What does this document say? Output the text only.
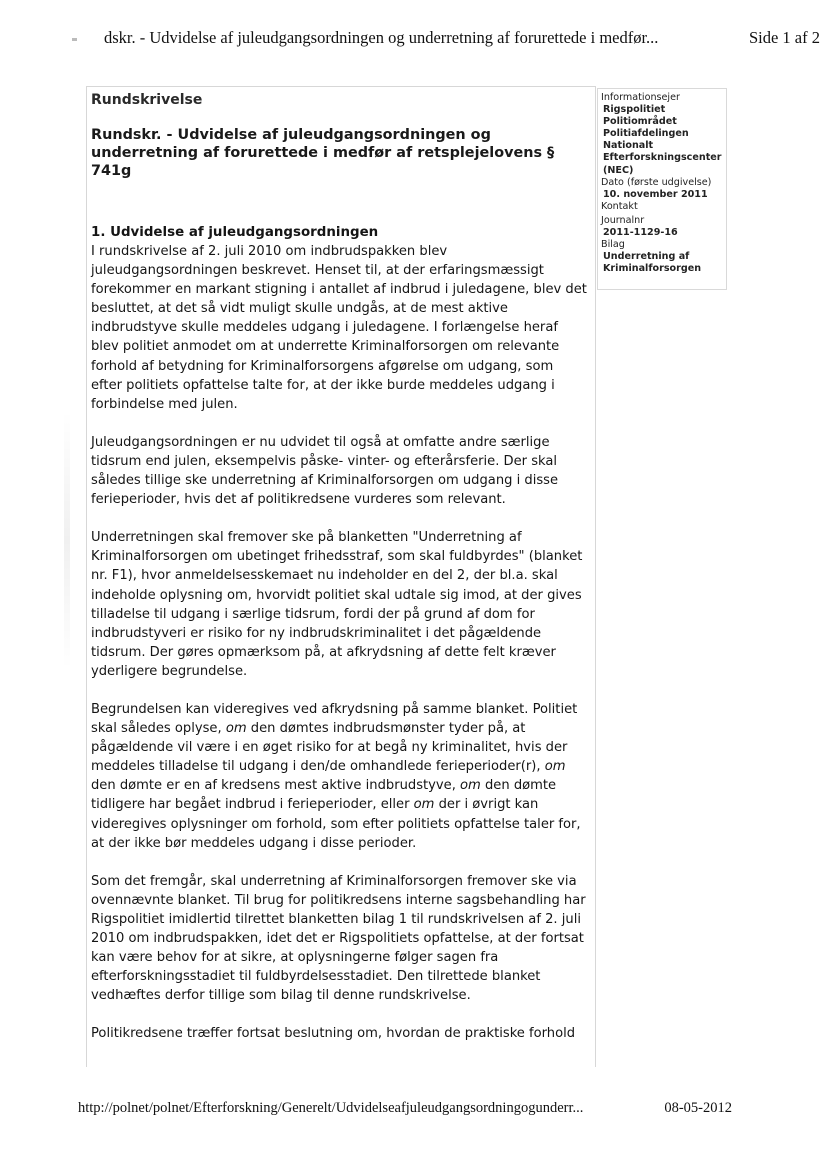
dskr. - Udvidelse af juleudgangsordningen og underretning af forurettede i medfør...	Side 1 af 2
Rundskrivelse
Rundskr. - Udvidelse af juleudgangsordningen og underretning af forurettede i medfør af retsplejelovens § 741g
1. Udvidelse af juleudgangsordningen

I rundskrivelse af 2. juli 2010 om indbrudspakken blev juleudgangsordningen beskrevet. Henset til, at der erfaringsmæssigt forekommer en markant stigning i antallet af indbrud i juledagene, blev det besluttet, at det så vidt muligt skulle undgås, at de mest aktive indbrudstyve skulle meddeles udgang i juledagene. I forlængelse heraf blev politiet anmodet om at underrette Kriminalforsorgen om relevante forhold af betydning for Kriminalforsorgens afgørelse om udgang, som efter politiets opfattelse talte for, at der ikke burde meddeles udgang i forbindelse med julen.

Juleudgangsordningen er nu udvidet til også at omfatte andre særlige tidsrum end julen, eksempelvis påske- vinter- og efterårsferie. Der skal således tillige ske underretning af Kriminalforsorgen om udgang i disse ferieperioder, hvis det af politikredsene vurderes som relevant.

Underretningen skal fremover ske på blanketten "Underretning af Kriminalforsorgen om ubetinget frihedsstraf, som skal fuldbyrdes" (blanket nr. F1), hvor anmeldelsesskemaet nu indeholder en del 2, der bl.a. skal indeholde oplysning om, hvorvidt politiet skal udtale sig imod, at der gives tilladelse til udgang i særlige tidsrum, fordi der på grund af dom for indbrudstyveri er risiko for ny indbrudskriminalitet i det pågældende tidsrum. Der gøres opmærksom på, at afkrydsning af dette felt kræver yderligere begrundelse.

Begrundelsen kan videregives ved afkrydsning på samme blanket. Politiet skal således oplyse, om den dømtes indbrudsmønster tyder på, at pågældende vil være i en øget risiko for at begå ny kriminalitet, hvis der meddeles tilladelse til udgang i den/de omhandlede ferieperioder(r), om den dømte er en af kredsens mest aktive indbrudstyve, om den dømte tidligere har begået indbrud i ferieperioder, eller om der i øvrigt kan videregives oplysninger om forhold, som efter politiets opfattelse taler for, at der ikke bør meddeles udgang i disse perioder.

Som det fremgår, skal underretning af Kriminalforsorgen fremover ske via ovennævnte blanket. Til brug for politikredsens interne sagsbehandling har Rigspolitiet imidlertid tilrettet blanketten bilag 1 til rundskrivelsen af 2. juli 2010 om indbrudspakken, idet det er Rigspolitiets opfattelse, at der fortsat kan være behov for at sikre, at oplysningerne følger sagen fra efterforskningsstadiet til fuldbyrdelsesstadiet. Den tilrettede blanket vedhæftes derfor tillige som bilag til denne rundskrivelse.

Politikredsene træffer fortsat beslutning om, hvordan de praktiske forhold

Informationsejer
Rigspolitiet
Politiområdet
Politiafdelingen
Nationalt
Efterforskningscenter
(NEC)
Dato (første udgivelse)
10. november 2011
Kontakt
Journalnr
2011-1129-16
Bilag
Underretning af
Kriminalforsorgen
http://polnet/polnet/Efterforskning/Generelt/Udvidelseafjuleudgangsordningogunderr...	08-05-2012
